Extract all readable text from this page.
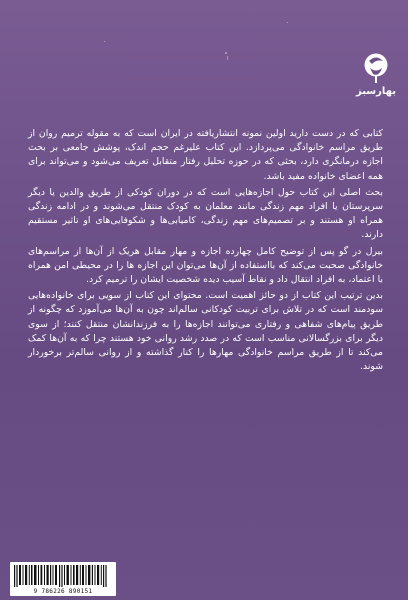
بهارسبز

کتابی که در دست دارید اولین نمونه انتشاریافته در ایران است که به مقوله ترمیم روان از طریق مراسم خانوادگی می‌پردازد. این کتاب علیرغم حجم اندک، پوشش جامعی بر بحث اجازه درمانگری دارد، بحثی که در حوزه تحلیل رفتار متقابل تعریف می‌شود و می‌تواند برای همه اعضای خانواده مفید باشد.

بحث اصلی این کتاب حول اجازه‌هایی است که در دوران کودکی از طریق والدین یا دیگر سرپرستان یا افراد مهم زندگی مانند معلمان به کودک منتقل می‌شوند و در ادامه زندگی همراه او هستند و بر تصمیم‌های مهم زندگی، کامیابی‌ها و شکوفایی‌های او تاثیر مستقیم دارند.

بیرل در گو پس از توضیح کامل چهارده اجازه و مهار مقابل هریک از آن‌ها از مراسم‌های خانوادگی صحبت می‌کند که بااستفاده از آن‌ها می‌توان این اجازه ها را در محیطی امن همراه با اعتماد، به افراد انتقال داد و نقاط آسیب دیده شخصیت ایشان را ترمیم کرد.

بدین ترتیب این کتاب از دو حائز اهمیت است. محتوای این کتاب از سویی برای خانواده‌هایی سودمند است که در تلاش برای تربیت کودکانی سالم‌اند چون به آن‌ها می‌آموزد که چگونه از طریق پیام‌های شفاهی و رفتاری می‌توانند اجازه‌ها را به فرزندانشان منتقل کنند؛ از سوی دیگر برای بزرگسالانی مناسب است که در صدد رشد روانی خود هستند چرا که به آن‌ها کمک می‌کند تا از طریق مراسم خانوادگی مهارها را کنار گذاشته و از روانی سالم‌تر برخوردار شوند.

9 786226 890151
